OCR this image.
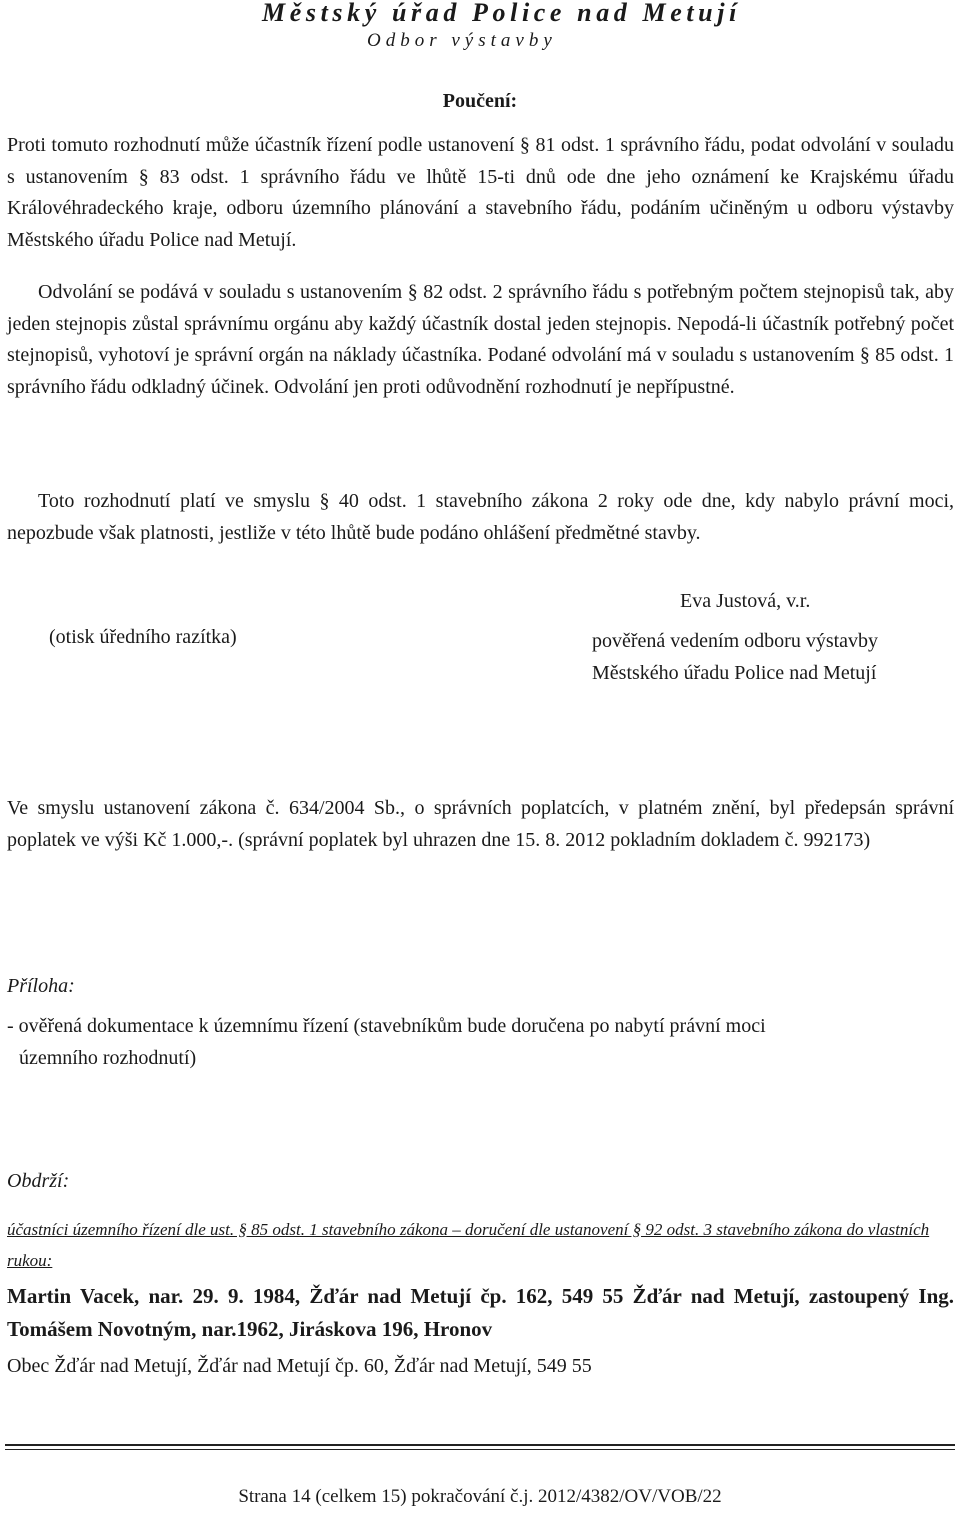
Městský úřad Police nad Metují
Odbor výstavby
Poučení:
Proti tomuto rozhodnutí může účastník řízení podle ustanovení § 81 odst. 1 správního řádu, podat odvolání v souladu s ustanovením § 83 odst. 1 správního řádu ve lhůtě 15-ti dnů ode dne jeho oznámení ke Krajskému úřadu Královéhradeckého kraje, odboru územního plánování a stavebního řádu, podáním učiněným u odboru výstavby Městského úřadu Police nad Metují.
Odvolání se podává v souladu s ustanovením § 82 odst. 2 správního řádu s potřebným počtem stejnopisů tak, aby jeden stejnopis zůstal správnímu orgánu aby každý účastník dostal jeden stejnopis. Nepodá-li účastník potřebný počet stejnopisů, vyhotoví je správní orgán na náklady účastníka. Podané odvolání má v souladu s ustanovením § 85 odst. 1 správního řádu odkladný účinek. Odvolání jen proti odůvodnění rozhodnutí je nepřípustné.
Toto rozhodnutí platí ve smyslu § 40 odst. 1 stavebního zákona 2 roky ode dne, kdy nabylo právní moci, nepozbude však platnosti, jestliže v této lhůtě bude podáno ohlášení předmětné stavby.
(otisk úředního razítka)
Eva Justová, v.r.
pověřená vedením odboru výstavby
Městského úřadu Police nad Metují
Ve smyslu ustanovení zákona č. 634/2004 Sb., o správních poplatcích, v platném znění, byl předepsán správní poplatek ve výši Kč 1.000,-. (správní poplatek byl uhrazen dne 15. 8. 2012 pokladním dokladem č. 992173)
Příloha:
- ověřená dokumentace k územnímu řízení (stavebníkům bude doručena po nabytí právní moci
územního rozhodnutí)
Obdrží:
účastníci územního řízení dle ust. § 85 odst. 1 stavebního zákona – doručení dle ustanovení § 92 odst. 3 stavebního zákona do vlastních rukou:
Martin Vacek, nar. 29. 9. 1984, Žďár nad Metují čp. 162, 549 55 Žďár nad Metují, zastoupený Ing. Tomášem Novotným, nar.1962, Jiráskova 196, Hronov
Obec Žďár nad Metují, Žďár nad Metují čp. 60, Žďár nad Metují, 549 55
Strana 14 (celkem 15) pokračování č.j. 2012/4382/OV/VOB/22
